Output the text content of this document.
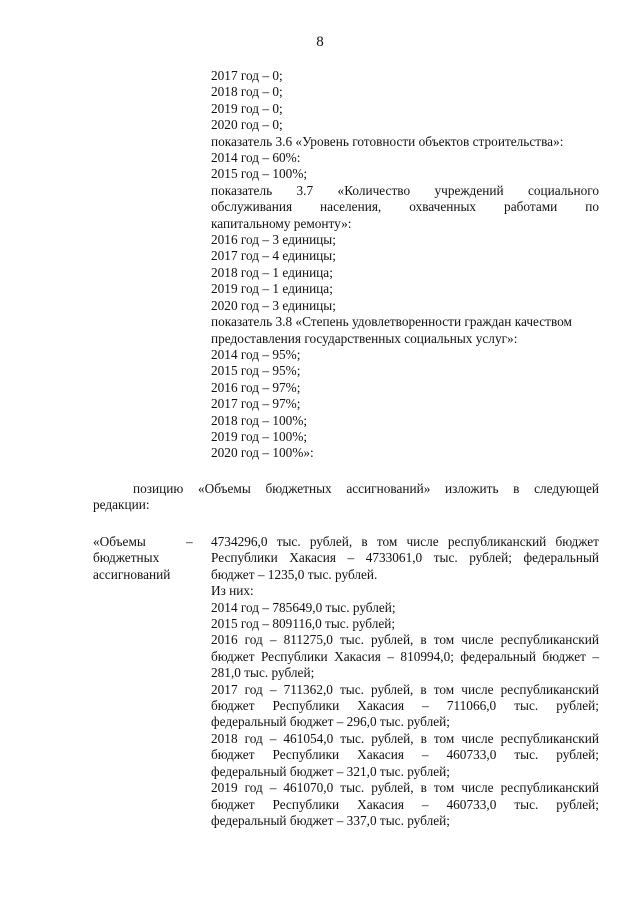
8
2017 год – 0;
2018 год – 0;
2019 год – 0;
2020 год – 0;
показатель 3.6 «Уровень готовности объектов строительства»:
2014 год – 60%:
2015 год – 100%;
показатель 3.7 «Количество учреждений социального
обслуживания населения, охваченных работами по
капитальному ремонту»:
2016 год – 3 единицы;
2017 год – 4 единицы;
2018 год – 1 единица;
2019 год – 1 единица;
2020 год – 3 единицы;
показатель 3.8 «Степень удовлетворенности граждан качеством
предоставления государственных социальных услуг»:
2014 год – 95%;
2015 год – 95%;
2016 год – 97%;
2017 год – 97%;
2018 год – 100%;
2019 год – 100%;
2020 год – 100%»:
позицию «Объемы бюджетных ассигнований» изложить в следующей
редакции:
«Объемы
бюджетных
ассигнований
– 4734296,0 тыс. рублей, в том числе республиканский бюджет
Республики Хакасия – 4733061,0 тыс. рублей; федеральный
бюджет – 1235,0 тыс. рублей.
Из них:
2014 год – 785649,0 тыс. рублей;
2015 год – 809116,0 тыс. рублей;
2016 год – 811275,0 тыс. рублей, в том числе республиканский
бюджет Республики Хакасия – 810994,0; федеральный бюджет –
281,0 тыс. рублей;
2017 год – 711362,0 тыс. рублей, в том числе республиканский
бюджет Республики Хакасия – 711066,0 тыс. рублей;
федеральный бюджет – 296,0 тыс. рублей;
2018 год – 461054,0 тыс. рублей, в том числе республиканский
бюджет Республики Хакасия – 460733,0 тыс. рублей;
федеральный бюджет – 321,0 тыс. рублей;
2019 год – 461070,0 тыс. рублей, в том числе республиканский
бюджет Республики Хакасия – 460733,0 тыс. рублей;
федеральный бюджет – 337,0 тыс. рублей;
